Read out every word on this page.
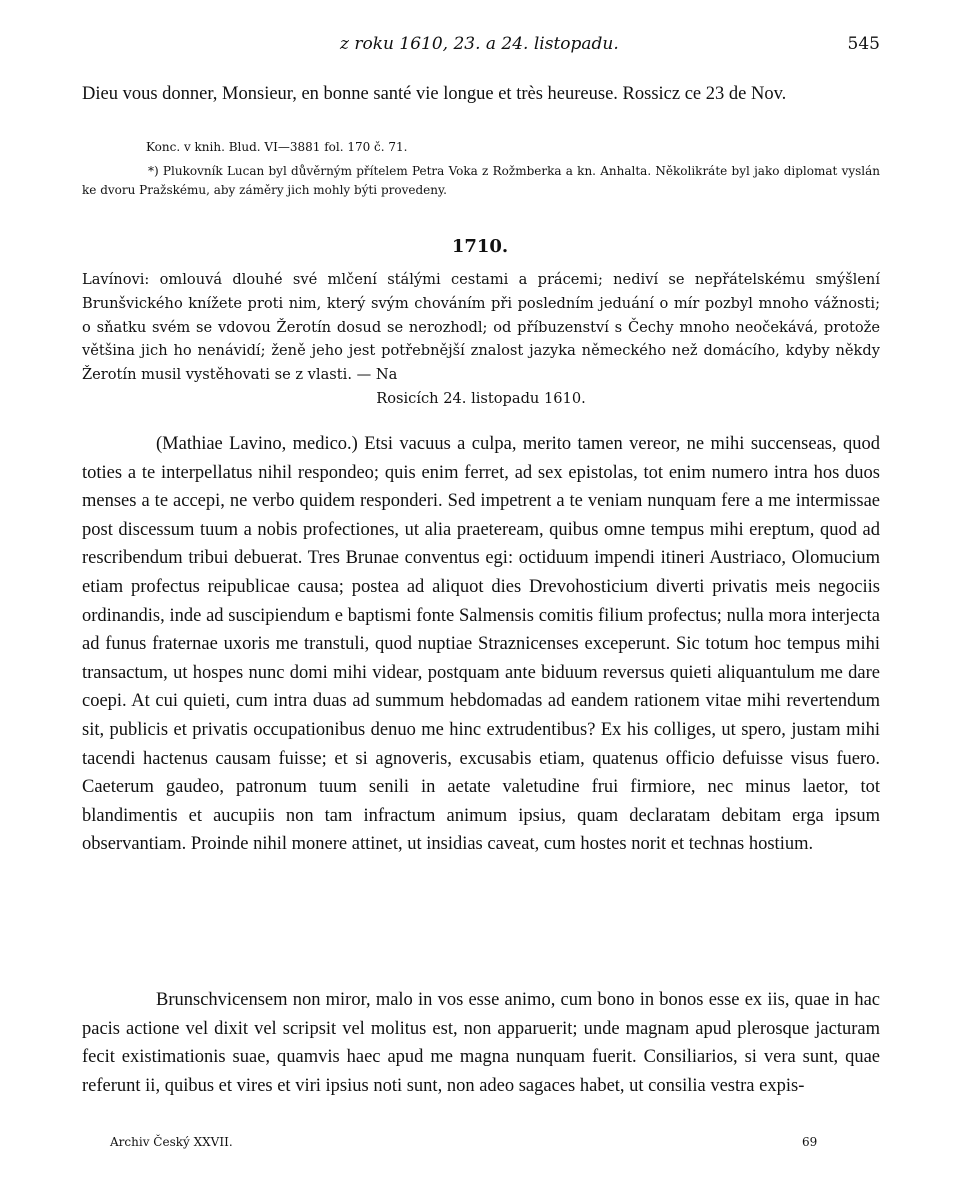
z roku 1610, 23. a 24. listopadu.	545

Dieu vous donner, Monsieur, en bonne santé vie longue et très heureuse. Rossicz ce 23 de Nov.

Konc. v knih. Blud. VI—3881 fol. 170 č. 71.
*) Plukovník Lucan byl důvěrným přítelem Petra Voka z Rožmberka a kn. Anhalta. Několikráte byl jako diplomat vyslán ke dvoru Pražskému, aby záměry jich mohly býti provedeny.
1710.

Lavínovi: omlouvá dlouhé své mlčení stálými cestami a prácemi; nediví se nepřátelskému smýšlení Brunšvického knížete proti nim, který svým chováním při posledním jeduání o mír pozbyl mnoho vážnosti; o sňatku svém se vdovou Žerotín dosud se nerozhodl; od příbuzenství s Čechy mnoho neočekává, protože většina jich ho nenávidí; ženě jeho jest potřebnější znalost jazyka německého než domácího, kdyby někdy Žerotín musil vystěhovati se z vlasti. — Na

Rosicích 24. listopadu 1610.

(Mathiae Lavino, medico.) Etsi vacuus a culpa, merito tamen vereor, ne mihi succenseas, quod toties a te interpellatus nihil respondeo; quis enim ferret, ad sex epistolas, tot enim numero intra hos duos menses a te accepi, ne verbo quidem responderi. Sed impetrent a te veniam nunquam fere a me intermissae post discessum tuum a nobis profectiones, ut alia praeteream, quibus omne tempus mihi ereptum, quod ad rescribendum tribui debuerat. Tres Brunae conventus egi: octiduum impendi itineri Austriaco, Olomucium etiam profectus reipublicae causa; postea ad aliquot dies Drevohosticium diverti privatis meis negociis ordinandis, inde ad suscipiendum e baptismi fonte Salmensis comitis filium profectus; nulla mora interjecta ad funus fraternae uxoris me transtuli, quod nuptiae Straznicenses exceperunt. Sic totum hoc tempus mihi transactum, ut hospes nunc domi mihi videar, postquam ante biduum reversus quieti aliquantulum me dare coepi. At cui quieti, cum intra duas ad summum hebdomadas ad eandem rationem vitae mihi revertendum sit, publicis et privatis occupationibus denuo me hinc extrudentibus? Ex his colliges, ut spero, justam mihi tacendi hactenus causam fuisse; et si agnoveris, excusabis etiam, quatenus officio defuisse visus fuero. Caeterum gaudeo, patronum tuum senili in aetate valetudine frui firmiore, nec minus laetor, tot blandimentis et aucupiis non tam infractum animum ipsius, quam declaratam debitam erga ipsum observantiam. Proinde nihil monere attinet, ut insidias caveat, cum hostes norit et technas hostium.

Brunschvicensem non miror, malo in vos esse animo, cum bono in bonos esse ex iis, quae in hac pacis actione vel dixit vel scripsit vel molitus est, non apparuerit; unde magnam apud plerosque jacturam fecit existimationis suae, quamvis haec apud me magna nunquam fuerit. Consiliarios, si vera sunt, quae referunt ii, quibus et vires et viri ipsius noti sunt, non adeo sagaces habet, ut consilia vestra expis-

Archiv Český XXVII.	69
